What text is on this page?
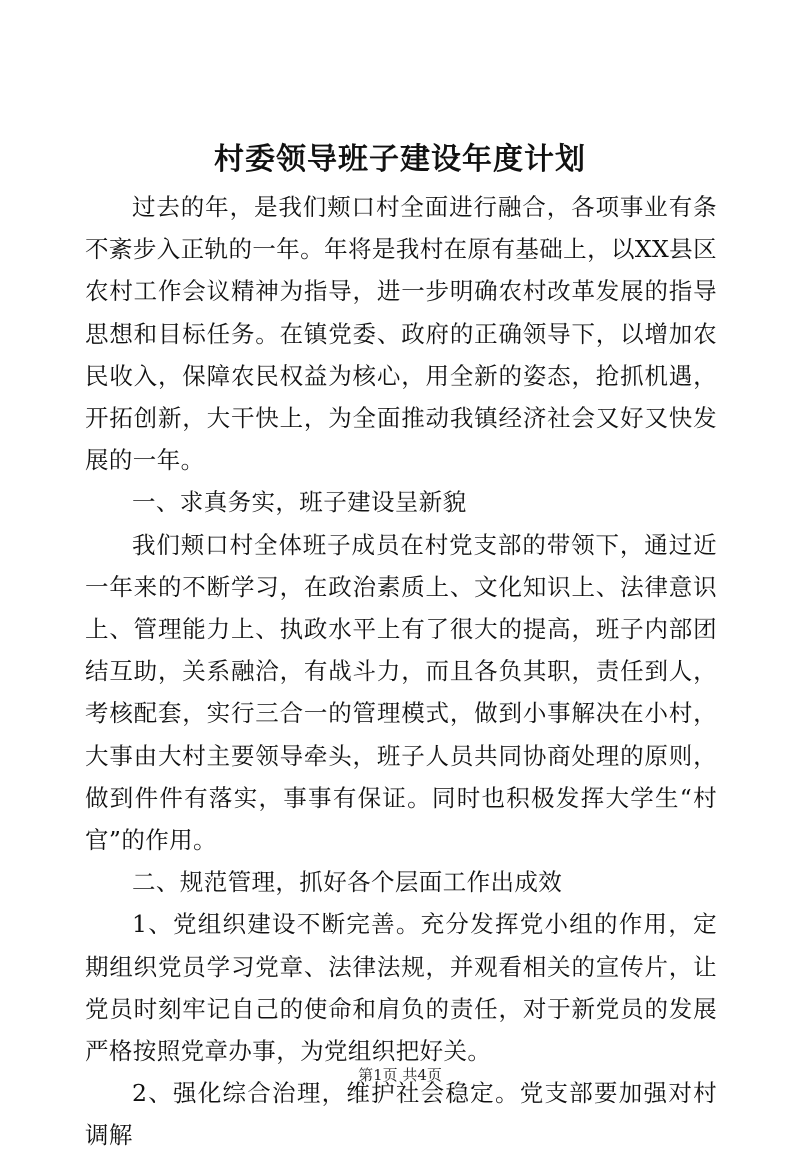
村委领导班子建设年度计划

过去的年，是我们颊口村全面进行融合，各项事业有条不紊步入正轨的一年。年将是我村在原有基础上，以XX县区农村工作会议精神为指导，进一步明确农村改革发展的指导思想和目标任务。在镇党委、政府的正确领导下，以增加农民收入，保障农民权益为核心，用全新的姿态，抢抓机遇，开拓创新，大干快上，为全面推动我镇经济社会又好又快发展的一年。

一、求真务实，班子建设呈新貌

我们颊口村全体班子成员在村党支部的带领下，通过近一年来的不断学习，在政治素质上、文化知识上、法律意识上、管理能力上、执政水平上有了很大的提高，班子内部团结互助，关系融洽，有战斗力，而且各负其职，责任到人，考核配套，实行三合一的管理模式，做到小事解决在小村，大事由大村主要领导牵头，班子人员共同协商处理的原则，做到件件有落实，事事有保证。同时也积极发挥大学生“村官”的作用。

二、规范管理，抓好各个层面工作出成效

1、党组织建设不断完善。充分发挥党小组的作用，定期组织党员学习党章、法律法规，并观看相关的宣传片，让党员时刻牢记自己的使命和肩负的责任，对于新党员的发展严格按照党章办事，为党组织把好关。

2、强化综合治理，维护社会稳定。党支部要加强对村调解

第1页 共4页
